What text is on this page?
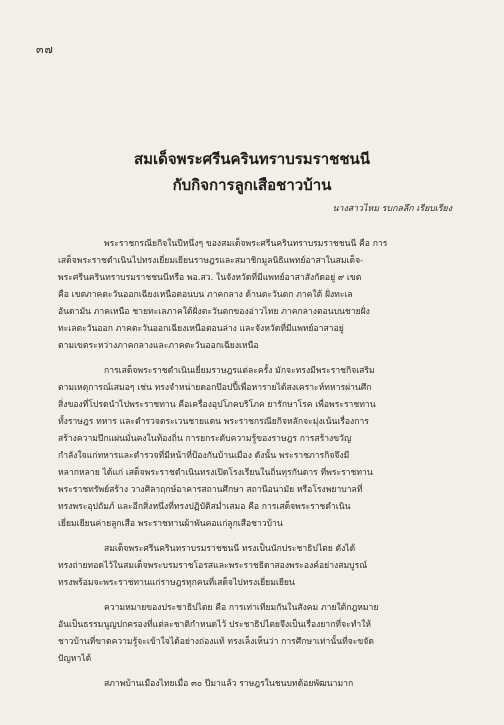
๓๗
สมเด็จพระศรีนครินทราบรมราชชนนี
กับกิจการลูกเสือชาวบ้าน
นางสาวไหม รบกลลึก เรียบเรียง
พระราชกรณียกิจในปีหนึ่งๆ ของสมเด็จพระศรีนครินทราบรมราชชนนี คือ การ
เสด็จพระราชดำเนินไปทรงเยี่ยมเยียนราษฎรและสมาชิกมูลนิธิแพทย์อาสาในสมเด็จ-
พระศรีนครินทราบรมราชชนนีหรือ พอ.สว. ในจังหวัดที่มีแพทย์อาสาสังกัดอยู่ ๙ เขต
คือ เขตภาคตะวันออกเฉียงเหนือตอนบน ภาคกลาง ด้านตะวันตก ภาคใต้ ฝั่งทะเล
อันดามัน ภาคเหนือ ชายทะเลภาคใต้ฝั่งตะวันตกของอ่าวไทย ภาคกลางตอนบนชายฝั่ง
ทะเลตะวันออก ภาคตะวันออกเฉียงเหนือตอนล่าง และจังหวัดที่มีแพทย์อาสาอยู่
ตามเขตระหว่างภาคกลางและภาคตะวันออกเฉียงเหนือ
การเสด็จพระราชดำเนินเยี่ยมราษฎรแต่ละครั้ง มักจะทรงมีพระราชกิจเสริม
ตามเหตุการณ์เสมอๆ เช่น ทรงจำหน่ายดอกป๊อปปี้เพื่อหารายได้สงเคราะห์ทหารผ่านศึก
สิ่งของที่โปรดนำไปพระราชทาน คือเครื่องอุปโภคบริโภค ยารักษาโรค เพื่อพระราชทาน
ทั้งราษฎร ทหาร และตำรวจตระเวนชายแดน พระราชกรณียกิจหลักจะมุ่งเน้นเรื่องการ
สร้างความปึกแผ่นมั่นคงในท้องถิ่น การยกระดับความรู้ของราษฎร การสร้างขวัญ
กำลังใจแก่ทหารและตำรวจที่มีหน้าที่ป้องกันบ้านเมือง ดังนั้น พระราชภารกิจจึงมี
หลากหลาย ได้แก่ เสด็จพระราชดำเนินทรงเปิดโรงเรียนในถิ่นทุรกันดาร ที่พระราชทาน
พระราชทรัพย์สร้าง วางศิลาฤกษ์อาคารสถานศึกษา สถานีอนามัย หรือโรงพยาบาลที่
ทรงพระอุปถัมภ์ และอีกสิ่งหนึ่งที่ทรงปฏิบัติสม่ำเสมอ คือ การเสด็จพระราชดำเนิน
เยี่ยมเยียนค่ายลูกเสือ พระราชทานผ้าพันคอแก่ลูกเสือชาวบ้าน
สมเด็จพระศรีนครินทราบรมราชชนนี ทรงเป็นนักประชาธิปไตย ดังได้
ทรงถ่ายทอดไว้ในสมเด็จพระบรมราชโอรสและพระราชธิดาสองพระองค์อย่างสมบูรณ์
ทรงพร้อมจะพระราชทานแก่ราษฎรทุกคนที่เสด็จไปทรงเยี่ยมเยียน
ความหมายของประชาธิปไตย คือ การเท่าเทียมกันในสังคม ภายใต้กฎหมาย
อันเป็นธรรมนูญปกครองที่แต่ละชาติกำหนดไว้ ประชาธิปไตยจึงเป็นเรื่องยากที่จะทำให้
ชาวบ้านที่ขาดความรู้จะเข้าใจได้อย่างถ่องแท้ ทรงเล็งเห็นว่า การศึกษาเท่านั้นที่จะขจัด
ปัญหาได้
สภาพบ้านเมืองไทยเมื่อ ๓๐ ปีมาแล้ว ราษฎรในชนบทด้อยพัฒนามาก
